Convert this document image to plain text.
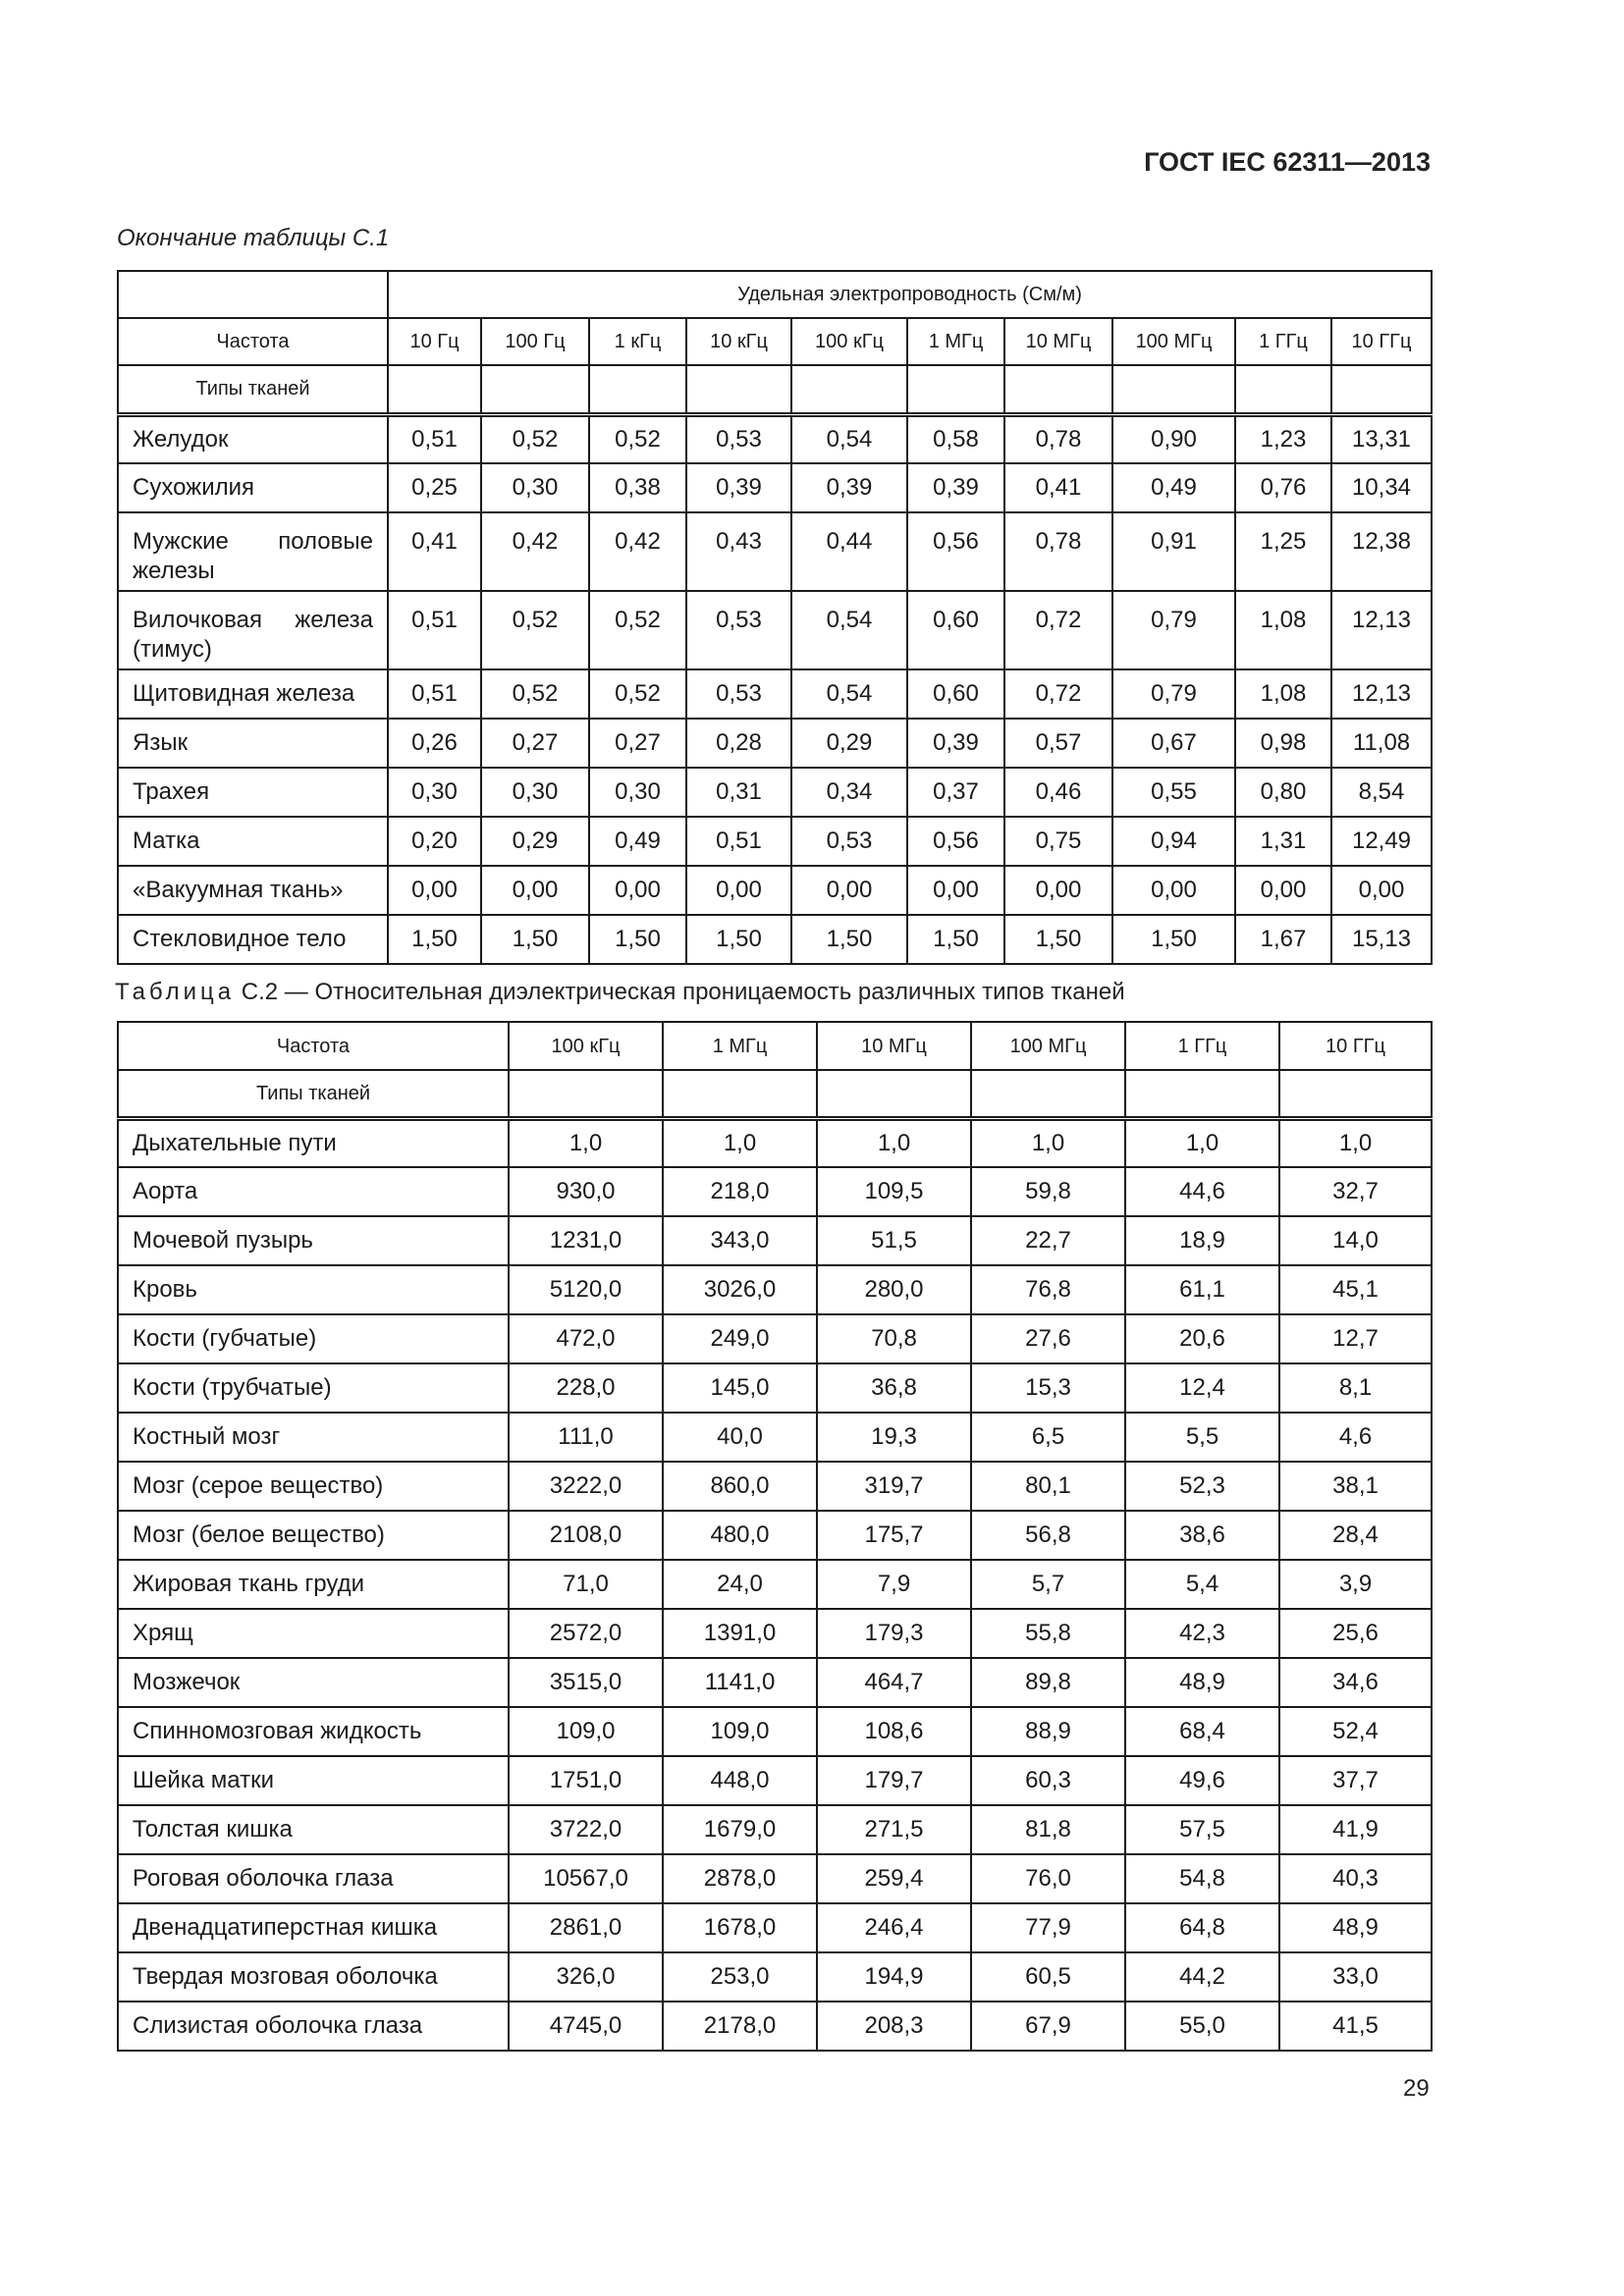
ГОСТ IEC 62311—2013
Окончание таблицы С.1
	Удельная электропроводность (См/м)									
Частота	10 Гц	100 Гц	1 кГц	10 кГц	100 кГц	1 МГц	10 МГц	100 МГц	1 ГГц	10 ГГц
Типы тканей										
Желудок	0,51	0,52	0,52	0,53	0,54	0,58	0,78	0,90	1,23	13,31
Сухожилия	0,25	0,30	0,38	0,39	0,39	0,39	0,41	0,49	0,76	10,34
Мужские половые железы	0,41	0,42	0,42	0,43	0,44	0,56	0,78	0,91	1,25	12,38
Вилочковая железа (тимус)	0,51	0,52	0,52	0,53	0,54	0,60	0,72	0,79	1,08	12,13
Щитовидная железа	0,51	0,52	0,52	0,53	0,54	0,60	0,72	0,79	1,08	12,13
Язык	0,26	0,27	0,27	0,28	0,29	0,39	0,57	0,67	0,98	11,08
Трахея	0,30	0,30	0,30	0,31	0,34	0,37	0,46	0,55	0,80	8,54
Матка	0,20	0,29	0,49	0,51	0,53	0,56	0,75	0,94	1,31	12,49
«Вакуумная ткань»	0,00	0,00	0,00	0,00	0,00	0,00	0,00	0,00	0,00	0,00
Стекловидное тело	1,50	1,50	1,50	1,50	1,50	1,50	1,50	1,50	1,67	15,13
Таблица С.2 — Относительная диэлектрическая проницаемость различных типов тканей
Частота	100 кГц	1 МГц	10 МГц	100 МГц	1 ГГц	10 ГГц
Типы тканей						
Дыхательные пути	1,0	1,0	1,0	1,0	1,0	1,0
Аорта	930,0	218,0	109,5	59,8	44,6	32,7
Мочевой пузырь	1231,0	343,0	51,5	22,7	18,9	14,0
Кровь	5120,0	3026,0	280,0	76,8	61,1	45,1
Кости (губчатые)	472,0	249,0	70,8	27,6	20,6	12,7
Кости (трубчатые)	228,0	145,0	36,8	15,3	12,4	8,1
Костный мозг	111,0	40,0	19,3	6,5	5,5	4,6
Мозг (серое вещество)	3222,0	860,0	319,7	80,1	52,3	38,1
Мозг (белое вещество)	2108,0	480,0	175,7	56,8	38,6	28,4
Жировая ткань груди	71,0	24,0	7,9	5,7	5,4	3,9
Хрящ	2572,0	1391,0	179,3	55,8	42,3	25,6
Мозжечок	3515,0	1141,0	464,7	89,8	48,9	34,6
Спинномозговая жидкость	109,0	109,0	108,6	88,9	68,4	52,4
Шейка матки	1751,0	448,0	179,7	60,3	49,6	37,7
Толстая кишка	3722,0	1679,0	271,5	81,8	57,5	41,9
Роговая оболочка глаза	10567,0	2878,0	259,4	76,0	54,8	40,3
Двенадцатиперстная кишка	2861,0	1678,0	246,4	77,9	64,8	48,9
Твердая мозговая оболочка	326,0	253,0	194,9	60,5	44,2	33,0
Слизистая оболочка глаза	4745,0	2178,0	208,3	67,9	55,0	41,5
29
